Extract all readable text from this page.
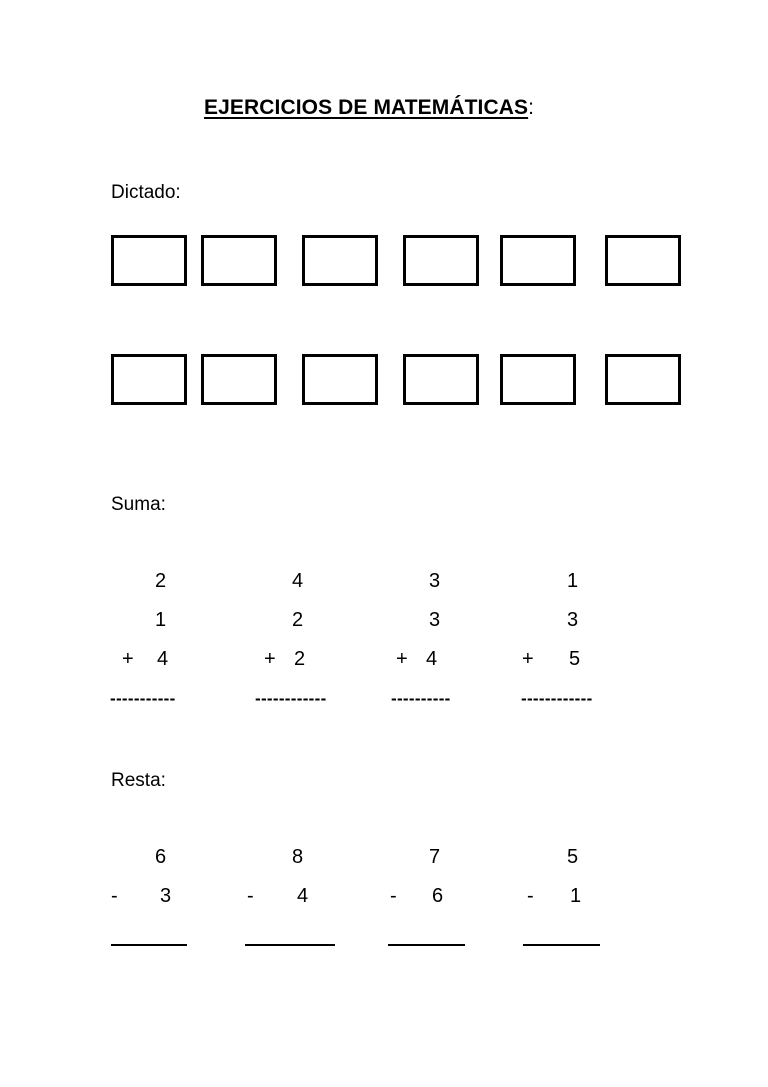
EJERCICIOS DE MATEMÁTICAS:
Dictado:
Suma:
2
1
+ 4
-----------
4
2
+ 2
------------
3
3
+ 4
----------
1
3
+ 5
------------
Resta:
6
- 3
8
- 4
7
- 6
5
- 1
